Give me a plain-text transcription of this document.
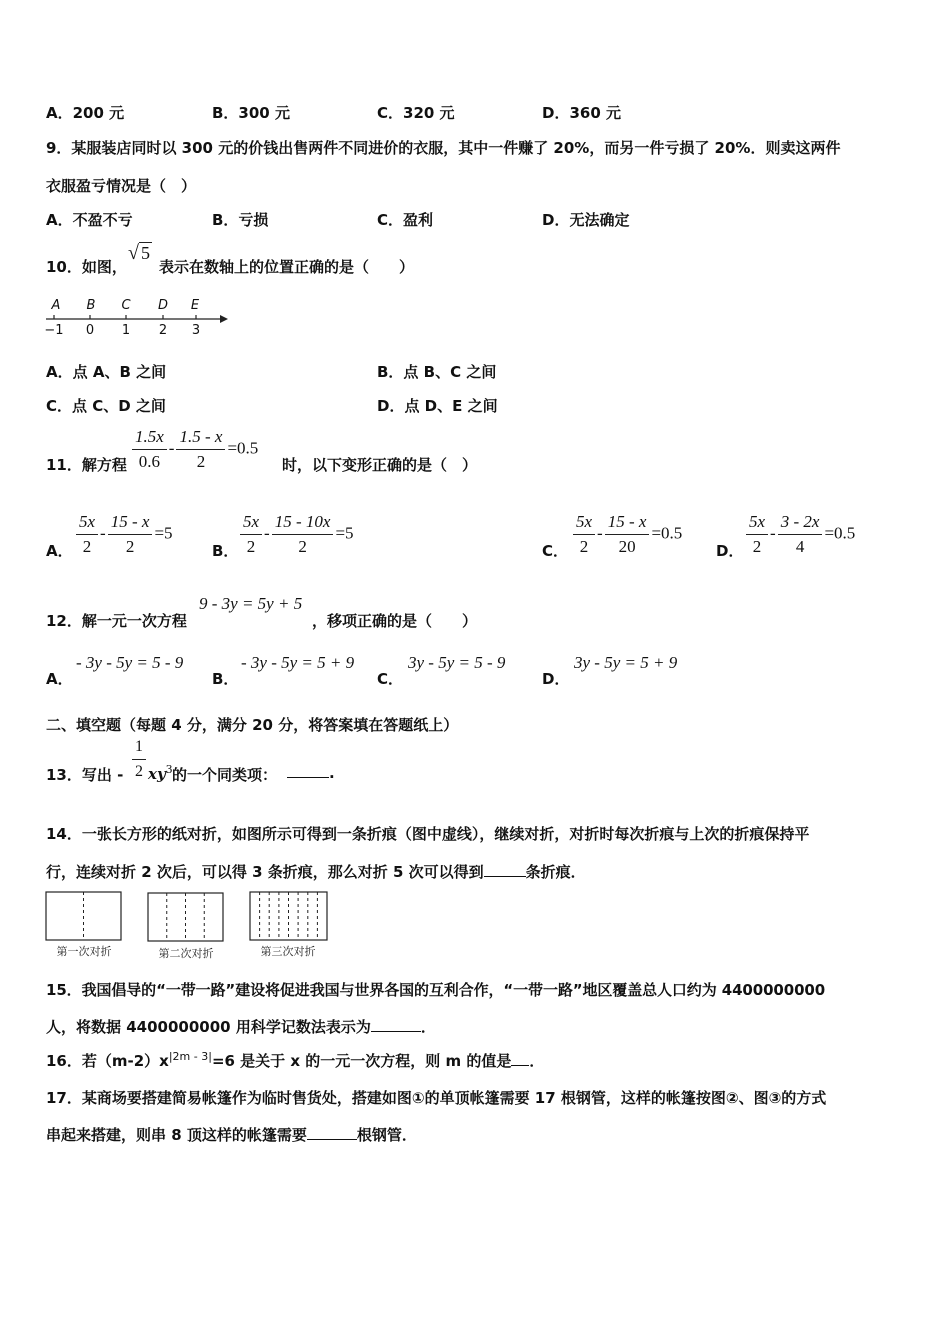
A．200 元	B．300 元	C．320 元	D．360 元
9．某服装店同时以 300 元的价钱出售两件不同进价的衣服，其中一件赚了 20%，而另一件亏损了 20%．则卖这两件
衣服盈亏情况是（　）
A．不盈不亏	B．亏损	C．盈利	D．无法确定
10．如图，
√ 5
表示在数轴上的位置正确的是（　　）
A B C D E
−1 0 1 2 3
A．点 A、B 之间	B．点 B、C 之间
C．点 C、D 之间	D．点 D、E 之间
11．解方程 $\frac{1.5x}{0.6} - \frac{1.5 - x}{2} =0.5$
时，以下变形正确的是（　）
A． $\frac{5x}{2} - \frac{15 - x}{2} =5$
B． $\frac{5x}{2} - \frac{15 - 10x}{2} =5$
C． $\frac{5x}{2} - \frac{15 - x}{20} =0.5$
D． $\frac{5x}{2} - \frac{3 - 2x}{4} =0.5$
12．解一元一次方程
9 - 3y = 5y + 5
，移项正确的是（　　）
A．
- 3y - 5y = 5 - 9
B．
- 3y - 5y = 5 + 9
C．
3y - 5y = 5 - 9
D．
3y - 5y = 5 + 9
二、填空题（每题 4 分，满分 20 分，将答案填在答题纸上）
13．写出 - $\frac{1}{2} xy^3$ 的一个同类项：	.
14．一张长方形的纸对折，如图所示可得到一条折痕（图中虚线），继续对折，对折时每次折痕与上次的折痕保持平
行，连续对折 2 次后，可以得 3 条折痕，那么对折 5 次可以得到	条折痕．
第一次对折	第二次对折	第三次对折
15．我国倡导的“一带一路”建设将促进我国与世界各国的互利合作，“一带一路”地区覆盖总人口约为 4400000000
人，将数据 4400000000 用科学记数法表示为	．
16．若$(m-2)x^{|2m - 3|}=6$ 是关于 x 的一元一次方程，则 m 的值是 ．
17．某商场要搭建简易帐篷作为临时售货处，搭建如图①的单顶帐篷需要 17 根钢管，这样的帐篷按图②、图③的方式
串起来搭建，则串 8 顶这样的帐篷需要	根钢管．
